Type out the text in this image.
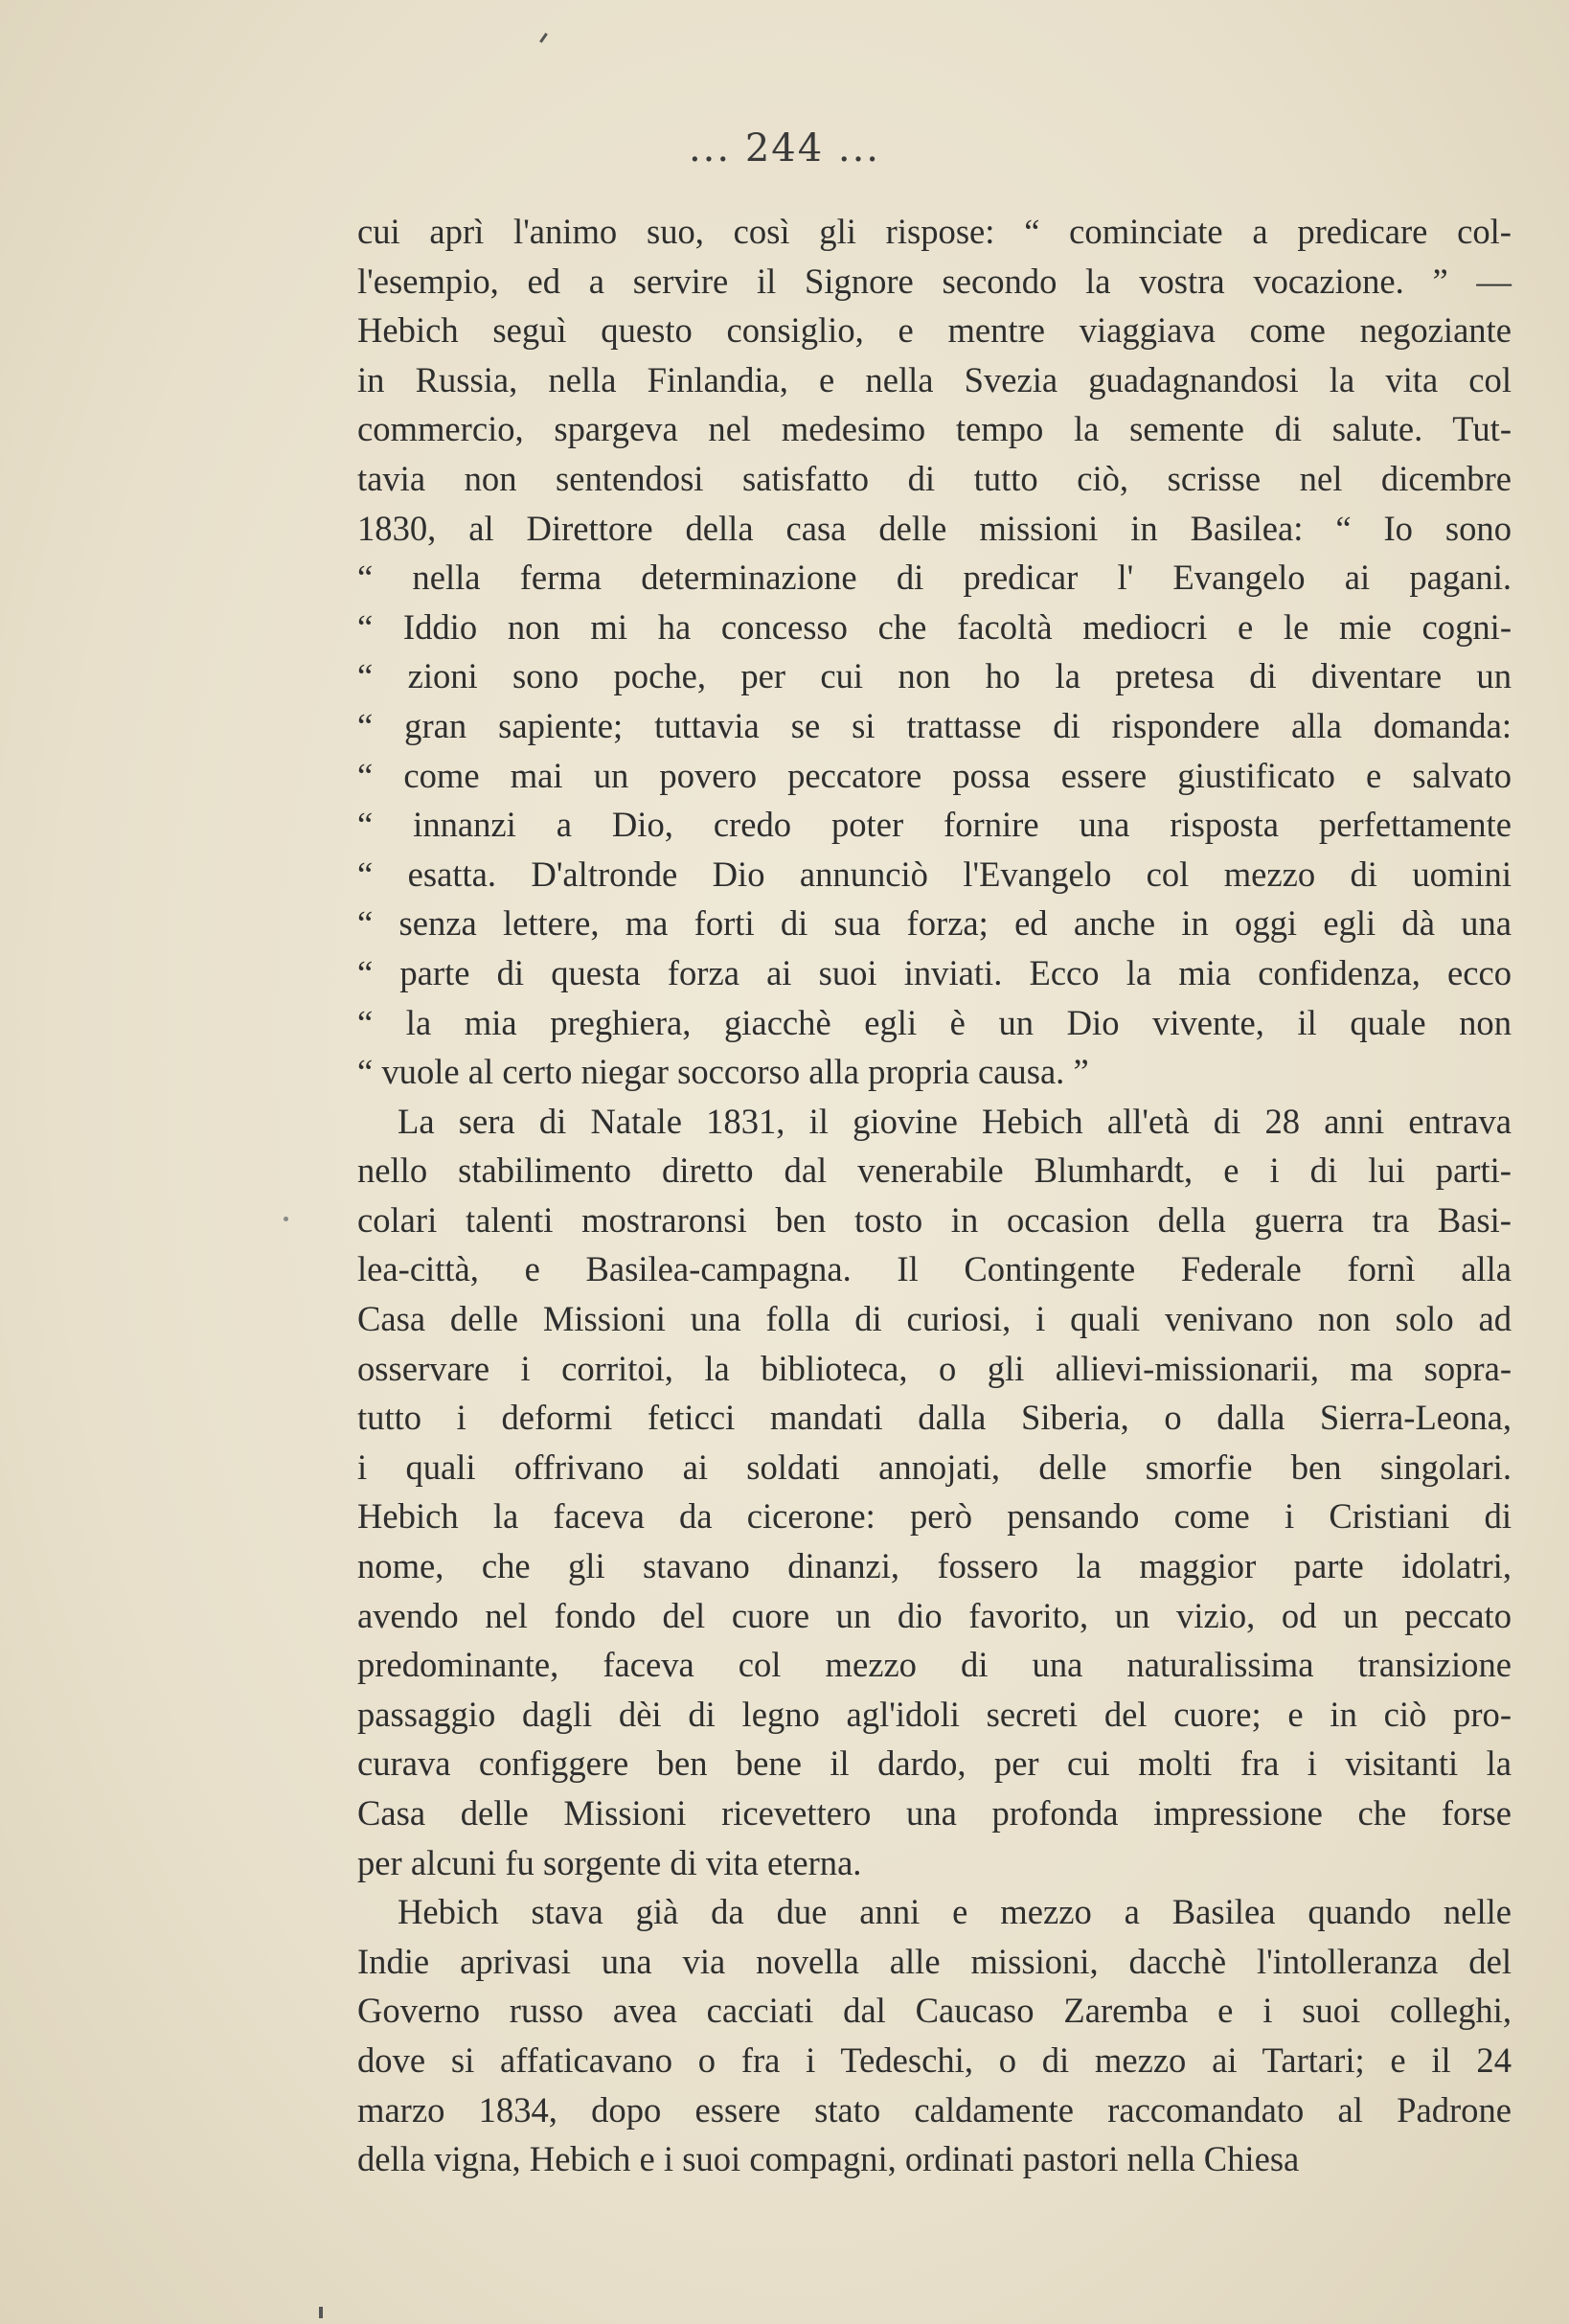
... 244 ...
cui aprì l'animo suo, così gli rispose: “ cominciate a predicare col-
l'esempio, ed a servire il Signore secondo la vostra vocazione. ” —
Hebich seguì questo consiglio, e mentre viaggiava come negoziante
in Russia, nella Finlandia, e nella Svezia guadagnandosi la vita col
commercio, spargeva nel medesimo tempo la semente di salute. Tut-
tavia non sentendosi satisfatto di tutto ciò, scrisse nel dicembre
1830, al Direttore della casa delle missioni in Basilea: “ Io sono
“ nella ferma determinazione di predicar l' Evangelo ai pagani.
“ Iddio non mi ha concesso che facoltà mediocri e le mie cogni-
“ zioni sono poche, per cui non ho la pretesa di diventare un
“ gran sapiente; tuttavia se si trattasse di rispondere alla domanda:
“ come mai un povero peccatore possa essere giustificato e salvato
“ innanzi a Dio, credo poter fornire una risposta perfettamente
“ esatta. D'altronde Dio annunciò l'Evangelo col mezzo di uomini
“ senza lettere, ma forti di sua forza; ed anche in oggi egli dà una
“ parte di questa forza ai suoi inviati. Ecco la mia confidenza, ecco
“ la mia preghiera, giacchè egli è un Dio vivente, il quale non
“ vuole al certo niegar soccorso alla propria causa. ”
La sera di Natale 1831, il giovine Hebich all'età di 28 anni entrava
nello stabilimento diretto dal venerabile Blumhardt, e i di lui parti-
colari talenti mostraronsi ben tosto in occasion della guerra tra Basi-
lea-città, e Basilea-campagna. Il Contingente Federale fornì alla
Casa delle Missioni una folla di curiosi, i quali venivano non solo ad
osservare i corritoi, la biblioteca, o gli allievi-missionarii, ma sopra-
tutto i deformi feticci mandati dalla Siberia, o dalla Sierra-Leona,
i quali offrivano ai soldati annojati, delle smorfie ben singolari.
Hebich la faceva da cicerone: però pensando come i Cristiani di
nome, che gli stavano dinanzi, fossero la maggior parte idolatri,
avendo nel fondo del cuore un dio favorito, un vizio, od un peccato
predominante, faceva col mezzo di una naturalissima transizione
passaggio dagli dèi di legno agl'idoli secreti del cuore; e in ciò pro-
curava configgere ben bene il dardo, per cui molti fra i visitanti la
Casa delle Missioni ricevettero una profonda impressione che forse
per alcuni fu sorgente di vita eterna.
Hebich stava già da due anni e mezzo a Basilea quando nelle
Indie aprivasi una via novella alle missioni, dacchè l'intolleranza del
Governo russo avea cacciati dal Caucaso Zaremba e i suoi colleghi,
dove si affaticavano o fra i Tedeschi, o di mezzo ai Tartari; e il 24
marzo 1834, dopo essere stato caldamente raccomandato al Padrone
della vigna, Hebich e i suoi compagni, ordinati pastori nella Chiesa
